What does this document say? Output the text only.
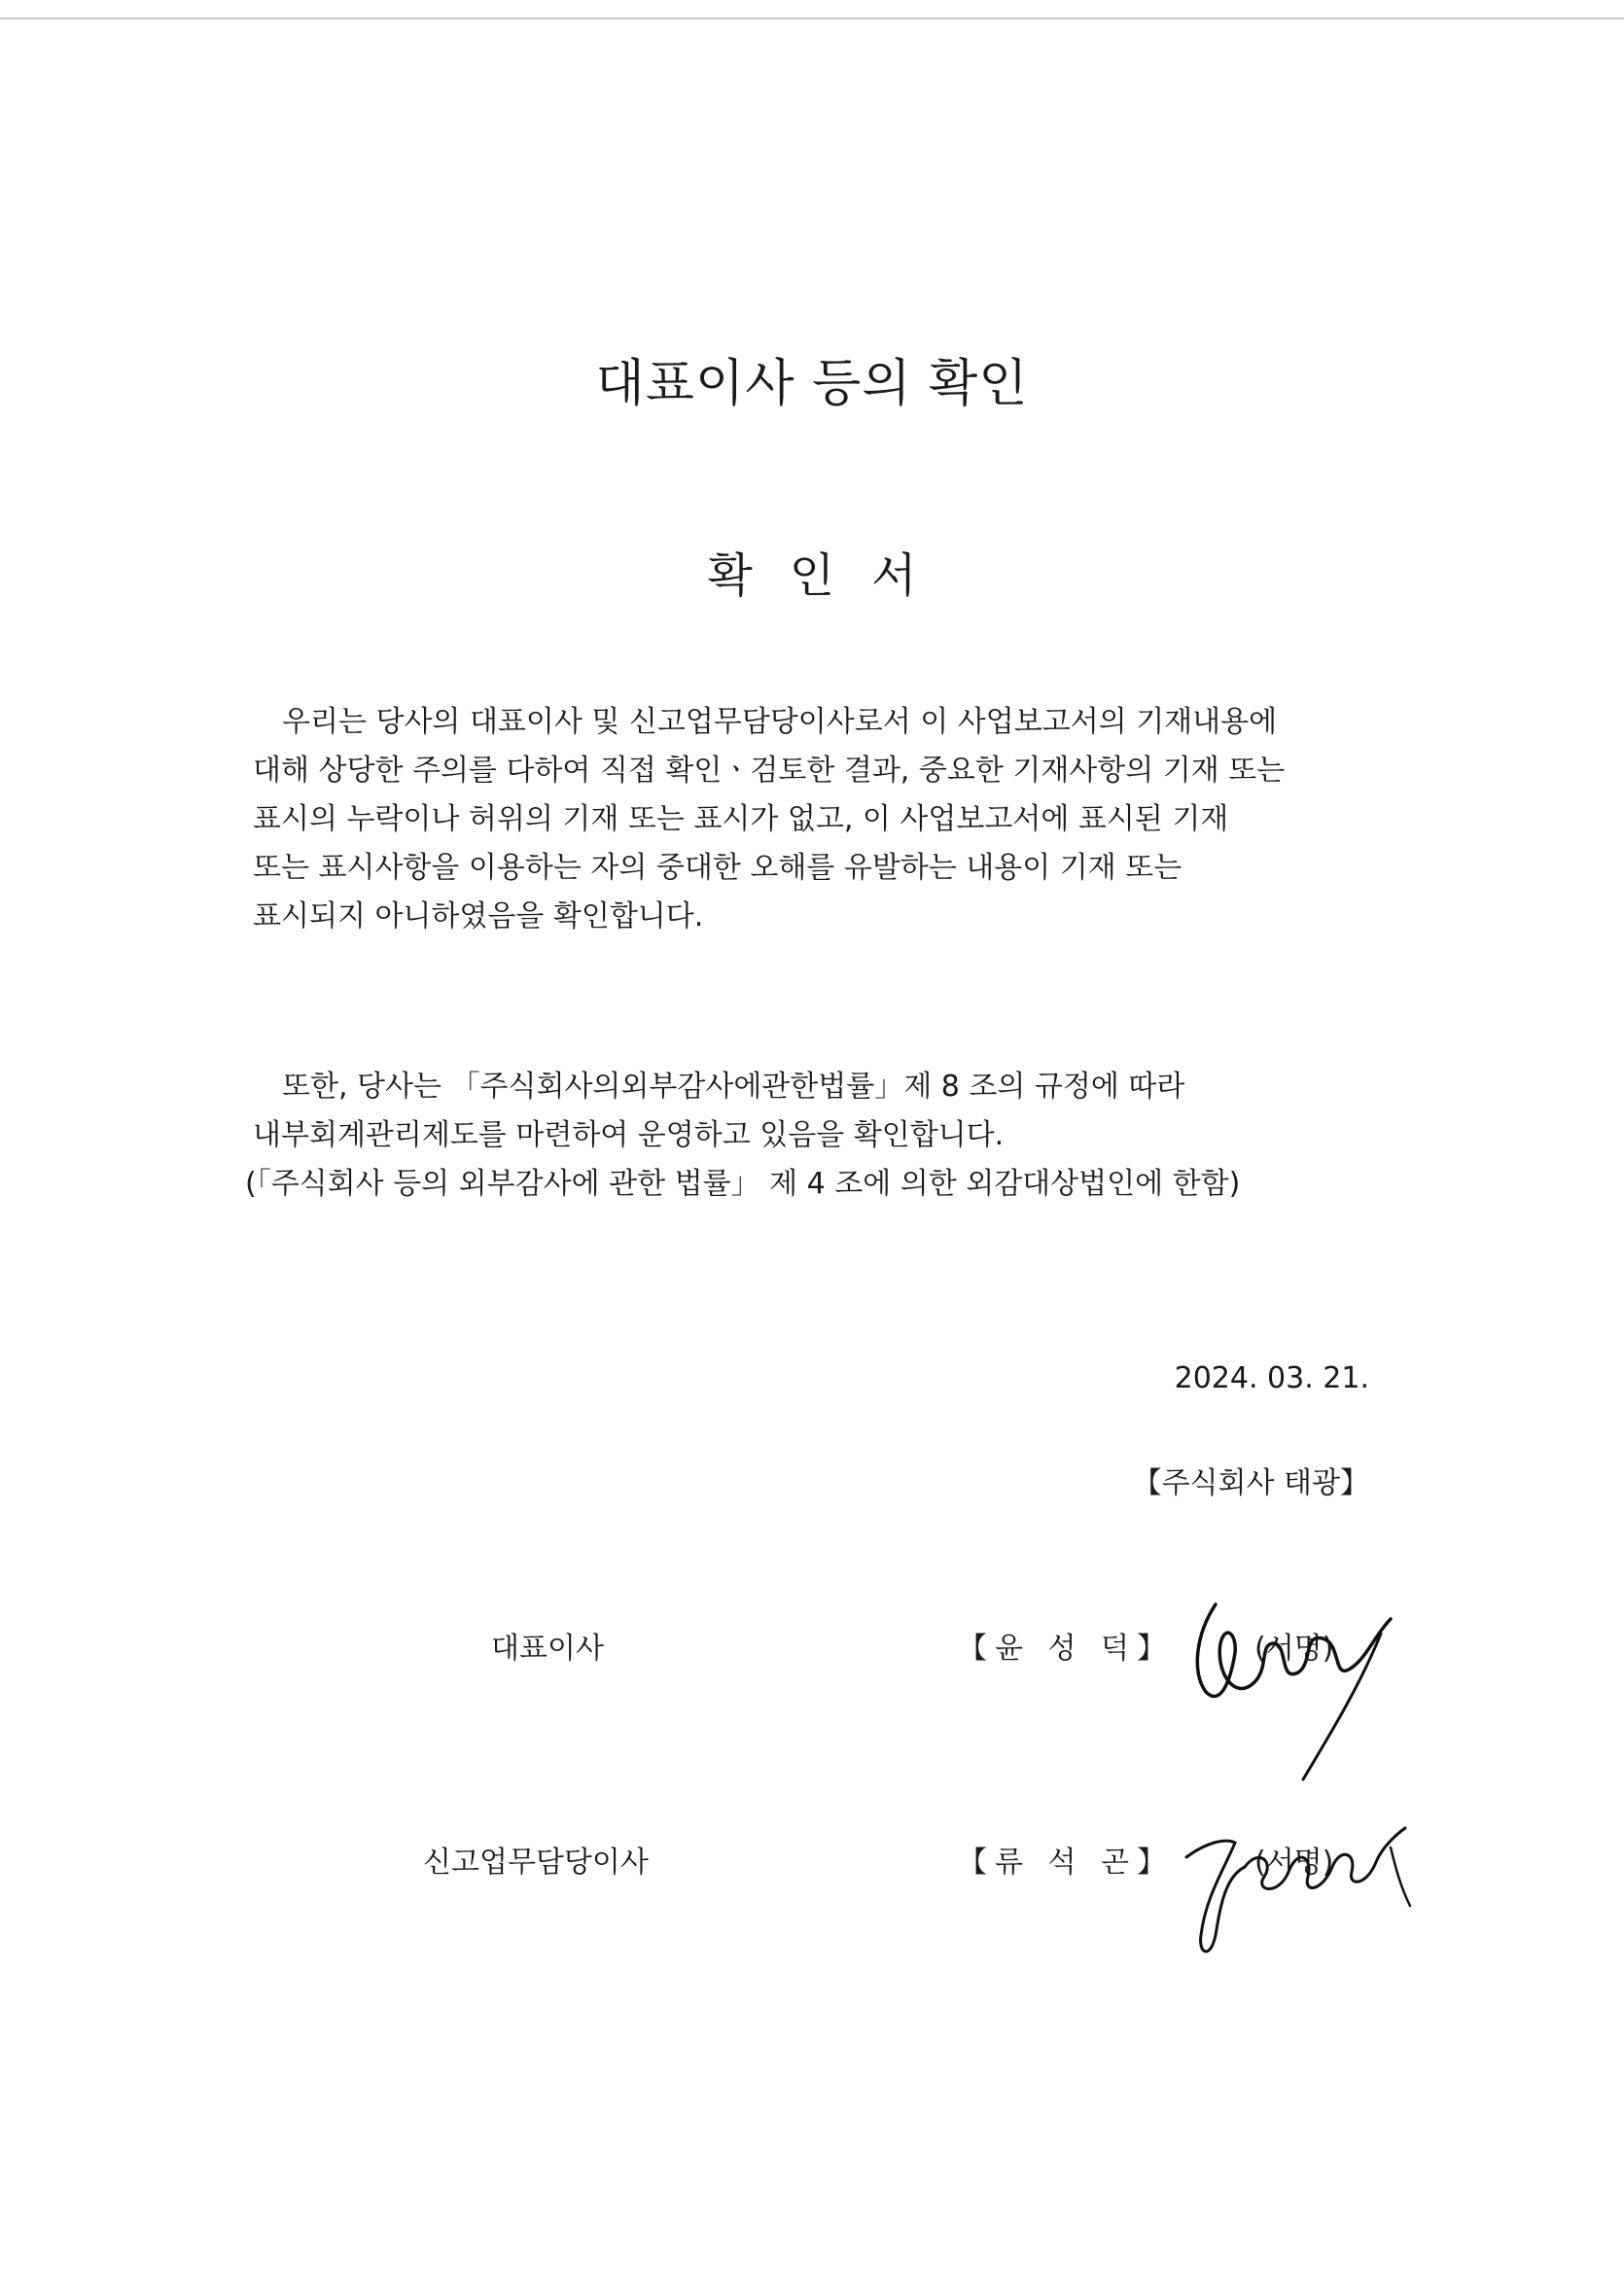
대표이사 등의 확인
확인서
우리는 당사의 대표이사 및 신고업무담당이사로서 이 사업보고서의 기재내용에
대해 상당한 주의를 다하여 직접 확인ㆍ검토한 결과, 중요한 기재사항의 기재 또는
표시의 누락이나 허위의 기재 또는 표시가 없고, 이 사업보고서에 표시된 기재
또는 표시사항을 이용하는 자의 중대한 오해를 유발하는 내용이 기재 또는
표시되지 아니하였음을 확인합니다.
또한, 당사는 「주식회사의외부감사에관한법률」제 8 조의 규정에 따라
내부회계관리제도를 마련하여 운영하고 있음을 확인합니다.
(「주식회사 등의 외부감사에 관한 법률」 제 4 조에 의한 외감대상법인에 한함)
2024. 03. 21.
【주식회사 태광】
대표이사	【윤 성 덕】	(서명)
신고업무담당이사	【류 석 곤】	(서명)
